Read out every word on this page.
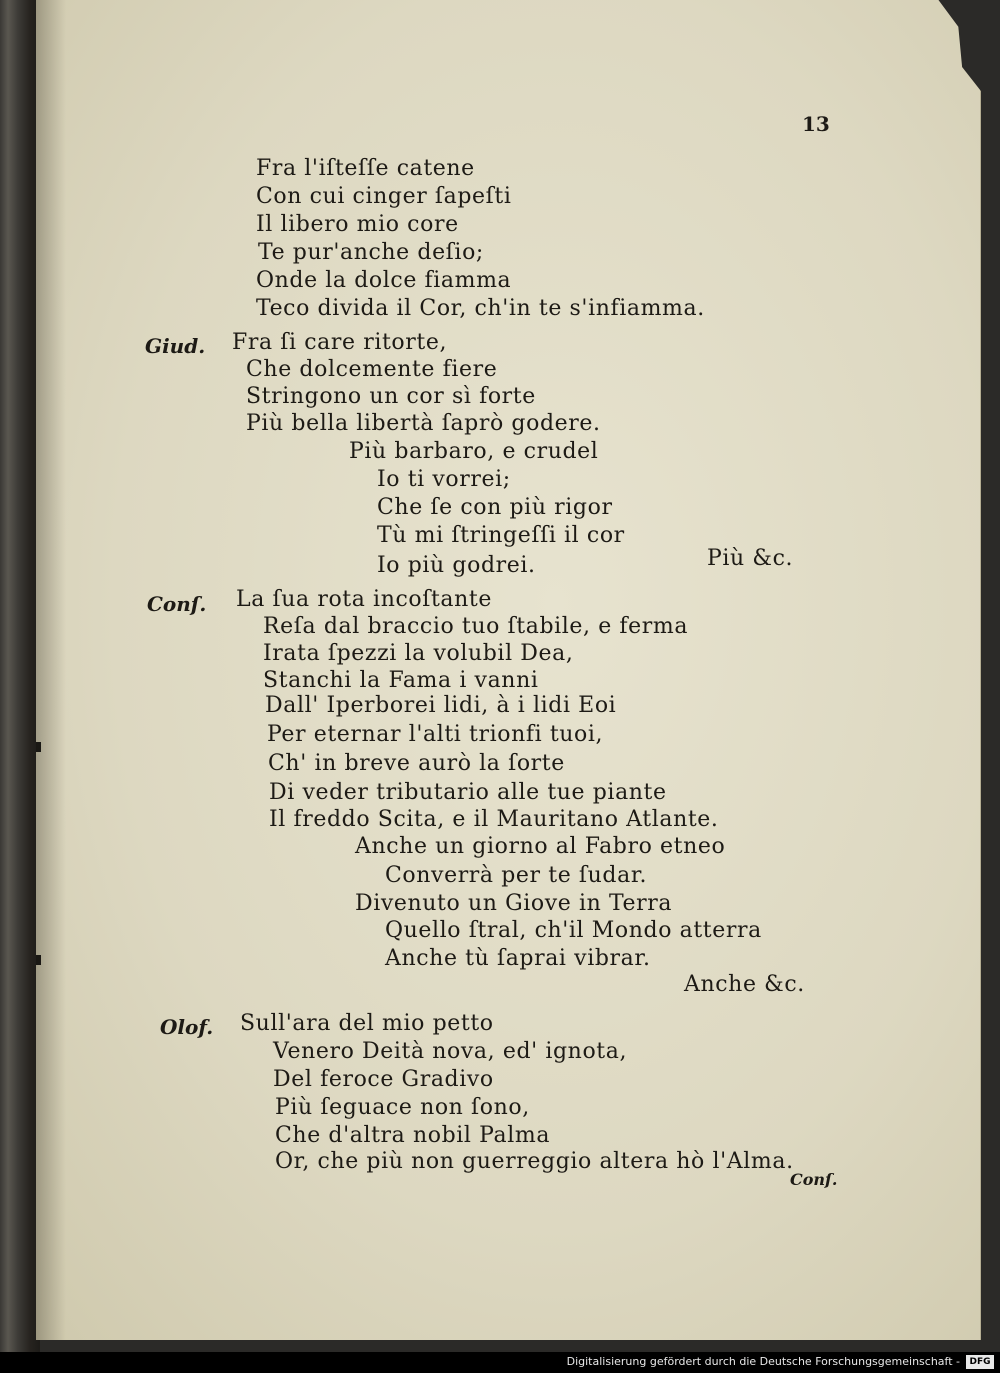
13
Fra l'iſteſſe catene
Con cui cinger ſapeſti
Il libero mio core
Te pur'anche deſio;
Onde la dolce fiamma
Teco divida il Cor, ch'in te s'infiamma.
Giud. Fra ſi care ritorte,
Che dolcemente fiere
Stringono un cor sì forte
Più bella libertà ſaprò godere.
Più barbaro, e crudel
Io ti vorrei;
Che ſe con più rigor
Tù mi ſtringeſſi il cor
Io più godrei.	Più &c.
Conſ. La ſua rota incoſtante
Reſa dal braccio tuo ſtabile, e ferma
Irata ſpezzi la volubil Dea,
Stanchi la Fama i vanni
Dall' Iperborei lidi, à i lidi Eoi
Per eternar l'alti trionfi tuoi,
Ch' in breve aurò la ſorte
Di veder tributario alle tue piante
Il freddo Scita, e il Mauritano Atlante.
Anche un giorno al Fabro etneo
Converrà per te ſudar.
Divenuto un Giove in Terra
Quello ſtral, ch'il Mondo atterra
Anche tù ſaprai vibrar.
Anche &c.
Olof. Sull'ara del mio petto
Venero Deità nova, ed' ignota,
Del feroce Gradivo
Più ſeguace non ſono,
Che d'altra nobil Palma
Or, che più non guerreggio altera hò l'Alma.
Conſ.
Digitalisierung gefördert durch die Deutsche Forschungsgemeinschaft -	DFG
